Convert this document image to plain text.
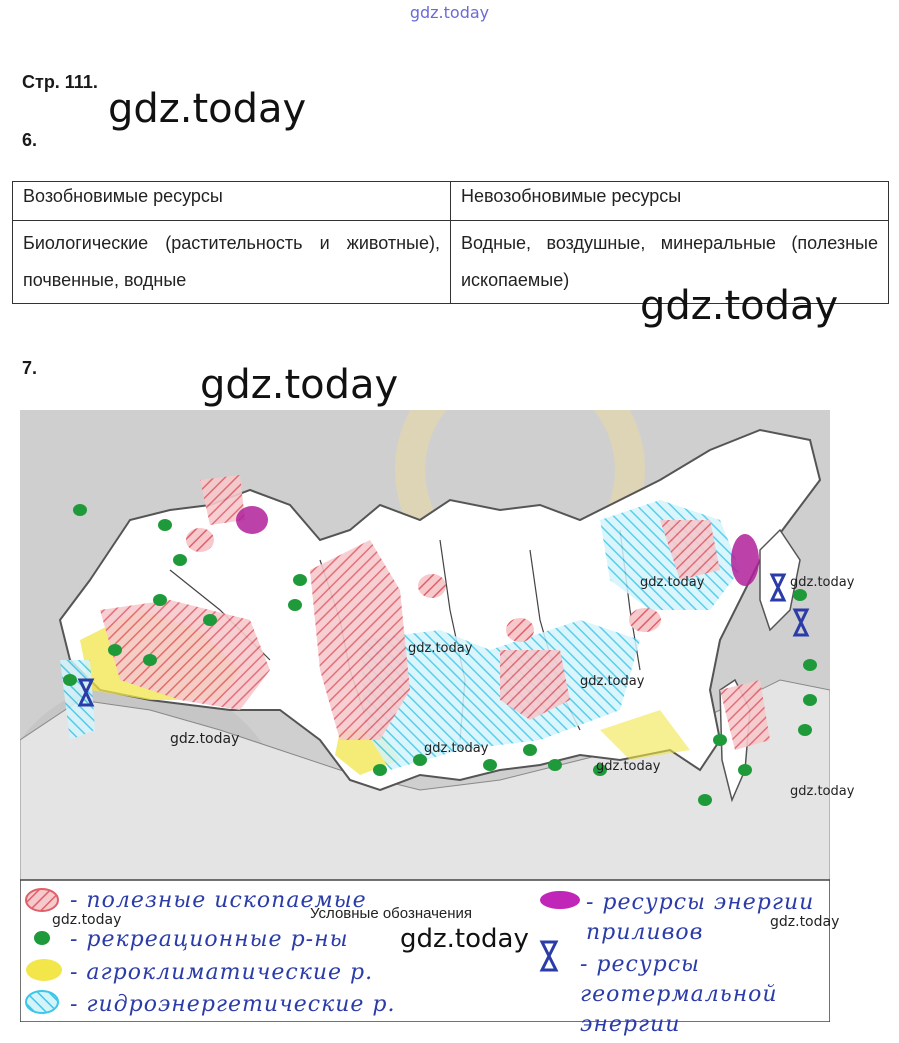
gdz.today
Стр. 111.
gdz.today
6.
Возобновимые ресурсы	Невозобновимые ресурсы
Биологические (растительность и животные), почвенные, водные	Водные, воздушные, минеральные (полезные ископаемые)
gdz.today
7.	gdz.today
Условные обозначения
- полезные ископаемые
- рекреационные р-ны
- агроклиматические р.
- гидроэнергетические р.
- ресурсы энергии приливов
- ресурсы геотермальной энергии
gdz.today	gdz.today
gdz.today
gdz.today
gdz.today
gdz.today
gdz.today
gdz.today
gdz.today	gdz.today
gdz.today
